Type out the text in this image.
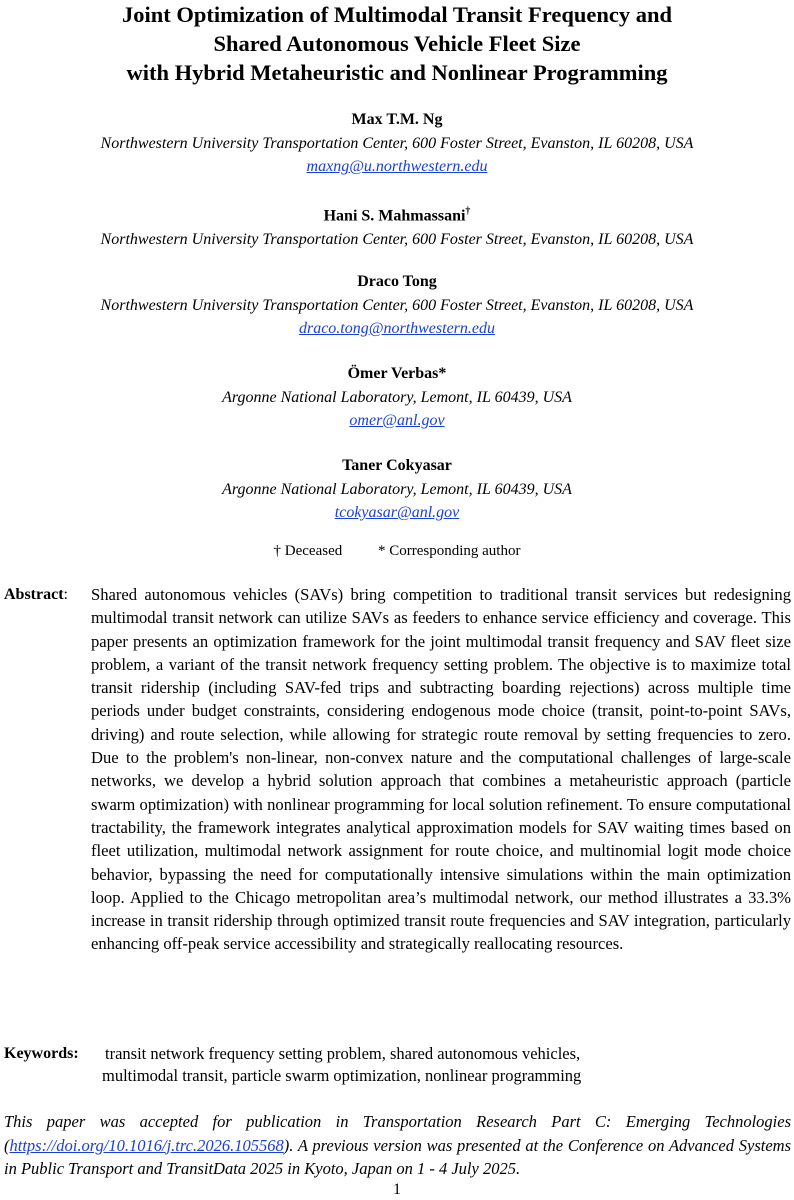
Joint Optimization of Multimodal Transit Frequency and
Shared Autonomous Vehicle Fleet Size
with Hybrid Metaheuristic and Nonlinear Programming
Max T.M. Ng
Northwestern University Transportation Center, 600 Foster Street, Evanston, IL 60208, USA
maxng@u.northwestern.edu
Hani S. Mahmassani†
Northwestern University Transportation Center, 600 Foster Street, Evanston, IL 60208, USA
Draco Tong
Northwestern University Transportation Center, 600 Foster Street, Evanston, IL 60208, USA
draco.tong@northwestern.edu
Ömer Verbas*
Argonne National Laboratory, Lemont, IL 60439, USA
omer@anl.gov
Taner Cokyasar
Argonne National Laboratory, Lemont, IL 60439, USA
tcokyasar@anl.gov
† Deceased * Corresponding author
Abstract: Shared autonomous vehicles (SAVs) bring competition to traditional transit services but redesigning multimodal transit network can utilize SAVs as feeders to enhance service efficiency and coverage. This paper presents an optimization framework for the joint multimodal transit frequency and SAV fleet size problem, a variant of the transit network frequency setting problem. The objective is to maximize total transit ridership (including SAV-fed trips and subtracting boarding rejections) across multiple time periods under budget constraints, considering endogenous mode choice (transit, point-to-point SAVs, driving) and route selection, while allowing for strategic route removal by setting frequencies to zero. Due to the problem's non-linear, non-convex nature and the computational challenges of large-scale networks, we develop a hybrid solution approach that combines a metaheuristic approach (particle swarm optimization) with nonlinear programming for local solution refinement. To ensure computational tractability, the framework integrates analytical approximation models for SAV waiting times based on fleet utilization, multimodal network assignment for route choice, and multinomial logit mode choice behavior, bypassing the need for computationally intensive simulations within the main optimization loop. Applied to the Chicago metropolitan area’s multimodal network, our method illustrates a 33.3% increase in transit ridership through optimized transit route frequencies and SAV integration, particularly enhancing off-peak service accessibility and strategically reallocating resources.

Keywords: transit network frequency setting problem, shared autonomous vehicles,
multimodal transit, particle swarm optimization, nonlinear programming

This paper was accepted for publication in Transportation Research Part C: Emerging Technologies (https://doi.org/10.1016/j.trc.2026.105568). A previous version was presented at the Conference on Advanced Systems in Public Transport and TransitData 2025 in Kyoto, Japan on 1 - 4 July 2025.

1
